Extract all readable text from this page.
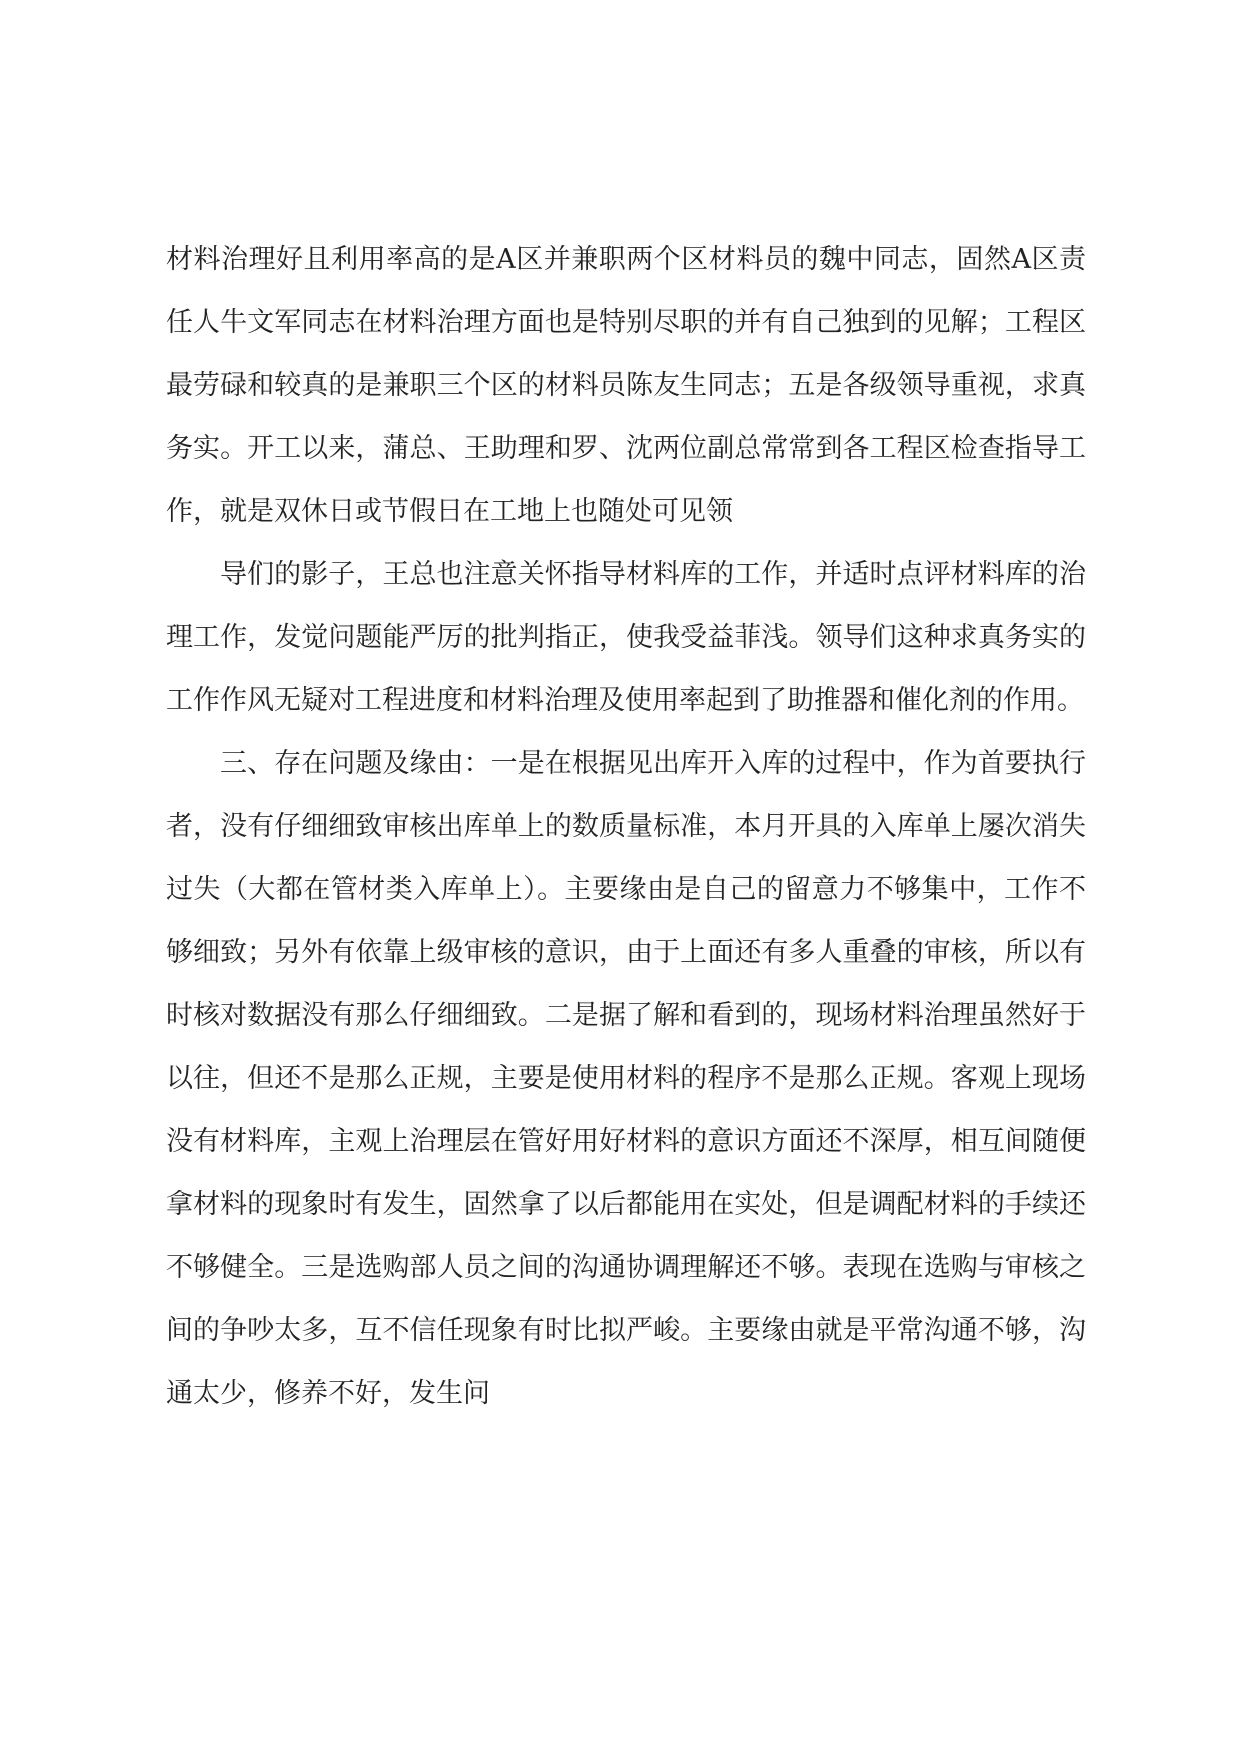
材料治理好且利用率高的是A区并兼职两个区材料员的魏中同志，固然A区责任人牛文军同志在材料治理方面也是特别尽职的并有自己独到的见解；工程区最劳碌和较真的是兼职三个区的材料员陈友生同志；五是各级领导重视，求真务实。开工以来，蒲总、王助理和罗、沈两位副总常常到各工程区检查指导工作，就是双休日或节假日在工地上也随处可见领

导们的影子，王总也注意关怀指导材料库的工作，并适时点评材料库的治理工作，发觉问题能严厉的批判指正，使我受益菲浅。领导们这种求真务实的工作作风无疑对工程进度和材料治理及使用率起到了助推器和催化剂的作用。

三、存在问题及缘由：一是在根据见出库开入库的过程中，作为首要执行者，没有仔细细致审核出库单上的数质量标准，本月开具的入库单上屡次消失过失（大都在管材类入库单上）。主要缘由是自己的留意力不够集中，工作不够细致；另外有依靠上级审核的意识，由于上面还有多人重叠的审核，所以有时核对数据没有那么仔细细致。二是据了解和看到的，现场材料治理虽然好于以往，但还不是那么正规，主要是使用材料的程序不是那么正规。客观上现场没有材料库，主观上治理层在管好用好材料的意识方面还不深厚，相互间随便拿材料的现象时有发生，固然拿了以后都能用在实处，但是调配材料的手续还不够健全。三是选购部人员之间的沟通协调理解还不够。表现在选购与审核之间的争吵太多，互不信任现象有时比拟严峻。主要缘由就是平常沟通不够，沟通太少，修养不好，发生问
